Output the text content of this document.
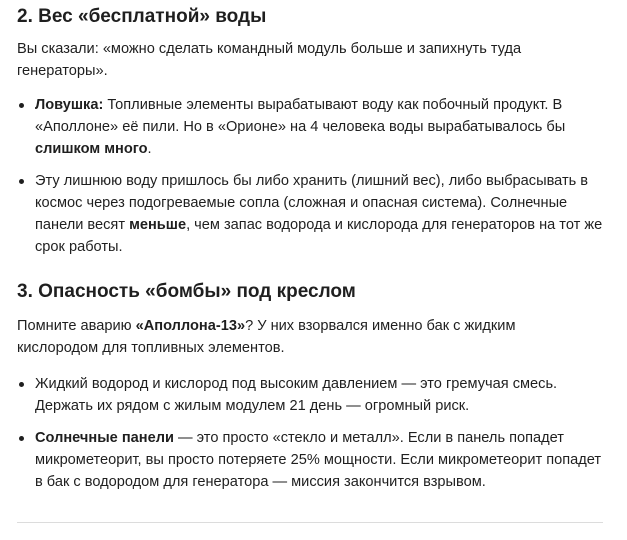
2. Вес «бесплатной» воды

Вы сказали: «можно сделать командный модуль больше и запихнуть туда генераторы».

Ловушка: Топливные элементы вырабатывают воду как побочный продукт. В «Аполлоне» её пили. Но в «Орионе» на 4 человека воды вырабатывалось бы слишком много.
Эту лишнюю воду пришлось бы либо хранить (лишний вес), либо выбрасывать в космос через подогреваемые сопла (сложная и опасная система). Солнечные панели весят меньше, чем запас водорода и кислорода для генераторов на тот же срок работы.
3. Опасность «бомбы» под креслом

Помните аварию «Аполлона-13»? У них взорвался именно бак с жидким кислородом для топливных элементов.

Жидкий водород и кислород под высоким давлением — это гремучая смесь. Держать их рядом с жилым модулем 21 день — огромный риск.
Солнечные панели — это просто «стекло и металл». Если в панель попадет микрометеорит, вы просто потеряете 25% мощности. Если микрометеорит попадет в бак с водородом для генератора — миссия закончится взрывом.
